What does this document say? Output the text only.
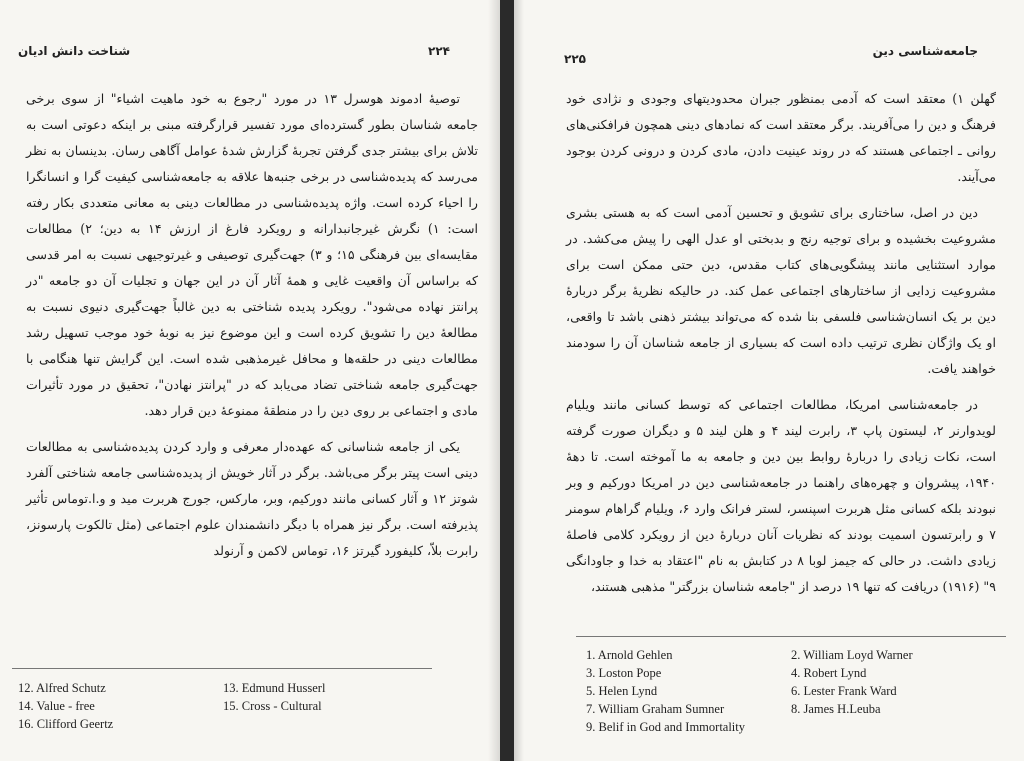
شناخت دانش ادیان	۲۲۴

توصیهٔ ادموند هوسرل ۱۳ در مورد "رجوع به خود ماهیت اشیاء" از سوی برخی جامعه شناسان بطور گسترده‌ای مورد تفسیر قرارگرفته مبنی بر اینکه دعوتی است به تلاش برای بیشتر جدی گرفتن تجربهٔ گزارش شدهٔ عوامل آگاهی رسان. بدینسان به نظر می‌رسد که پدیده‌شناسی در برخی جنبه‌ها علاقه به جامعه‌شناسی کیفیت گرا و انسانگرا را احیاء کرده است. واژه پدیده‌شناسی در مطالعات دینی به معانی متعددی بکار رفته است: ۱) نگرش غیرجانبدارانه و رویکرد فارغ از ارزش ۱۴ به دین؛ ۲) مطالعات مقایسه‌ای بین فرهنگی ۱۵؛ و ۳) جهت‌گیری توصیفی و غیرتوجیهی نسبت به امر قدسی که براساس آن واقعیت غایی و همهٔ آثار آن در این جهان و تجلیات آن دو جامعه "در پرانتز نهاده می‌شود". رویکرد پدیده شناختی به دین غالباً جهت‌گیری دنیوی نسبت به مطالعهٔ دین را تشویق کرده است و این موضوع نیز به نوبهٔ خود موجب تسهیل رشد مطالعات دینی در حلقه‌ها و محافل غیرمذهبی شده است. این گرایش تنها هنگامی با جهت‌گیری جامعه شناختی تضاد می‌یابد که در "پرانتز نهادن"، تحقیق در مورد تأثیرات مادی و اجتماعی بر روی دین را در منطقهٔ ممنوعهٔ دین قرار دهد.

یکی از جامعه شناسانی که عهده‌دار معرفی و وارد کردن پدیده‌شناسی به مطالعات دینی است پیتر برگر می‌باشد. برگر در آثار خویش از پدیده‌شناسی جامعه شناختی آلفرد شوتز ۱۲ و آثار کسانی مانند دورکیم، وبر، مارکس، جورج هربرت مید و و.ا.توماس تأثیر پذیرفته است. برگر نیز همراه با دیگر دانشمندان علوم اجتماعی (مثل تالکوت پارسونز، رابرت بلاّ، کلیفورد گیرتز ۱۶، توماس لاکمن و آرنولد

12. Alfred Schutz	13. Edmund Husserl
14. Value - free	15. Cross - Cultural
16. Clifford Geertz
جامعه‌شناسی دین
۲۲۵

گهلن ۱) معتقد است که آدمی بمنظور جبران محدودیتهای وجودی و نژادی خود فرهنگ و دین را می‌آفریند. برگر معتقد است که نمادهای دینی همچون فرافکنی‌های روانی ـ اجتماعی هستند که در روند عینیت دادن، مادی کردن و درونی کردن بوجود می‌آیند.

دین در اصل، ساختاری برای تشویق و تحسین آدمی است که به هستی بشری مشروعیت بخشیده و برای توجیه رنج و بدبختی او عدل الهی را پیش می‌کشد. در موارد استثنایی مانند پیشگویی‌های کتاب مقدس، دین حتی ممکن است برای مشروعیت زدایی از ساختارهای اجتماعی عمل کند. در حالیکه نظریهٔ برگر دربارهٔ دین بر یک انسان‌شناسی فلسفی بنا شده که می‌تواند بیشتر ذهنی باشد تا واقعی، او یک واژگان نظری ترتیب داده است که بسیاری از جامعه شناسان آن را سودمند خواهند یافت.

در جامعه‌شناسی امریکا، مطالعات اجتماعی که توسط کسانی مانند ویلیام لویدوارنر ۲، لیستون پاپ ۳، رابرت لیند ۴ و هلن لیند ۵ و دیگران صورت گرفته است، نکات زیادی را دربارهٔ روابط بین دین و جامعه به ما آموخته است. تا دههٔ ۱۹۴۰، پیشروان و چهره‌های راهنما در جامعه‌شناسی دین در امریکا دورکیم و وبر نبودند بلکه کسانی مثل هربرت اسپنسر، لستر فرانک وارد ۶، ویلیام گراهام سومنر ۷ و رابرتسون اسمیت بودند که نظریات آنان دربارهٔ دین از رویکرد کلامی فاصلهٔ زیادی داشت. در حالی که جیمز لوبا ۸ در کتابش به نام "اعتقاد به خدا و جاودانگی ۹" (۱۹۱۶) دریافت که تنها ۱۹ درصد از "جامعه شناسان بزرگتر" مذهبی هستند،

1. Arnold Gehlen	2. William Loyd Warner
3. Loston Pope	4. Robert Lynd
5. Helen Lynd	6. Lester Frank Ward
7. William Graham Sumner	8. James H.Leuba
9. Belif in God and Immortality
